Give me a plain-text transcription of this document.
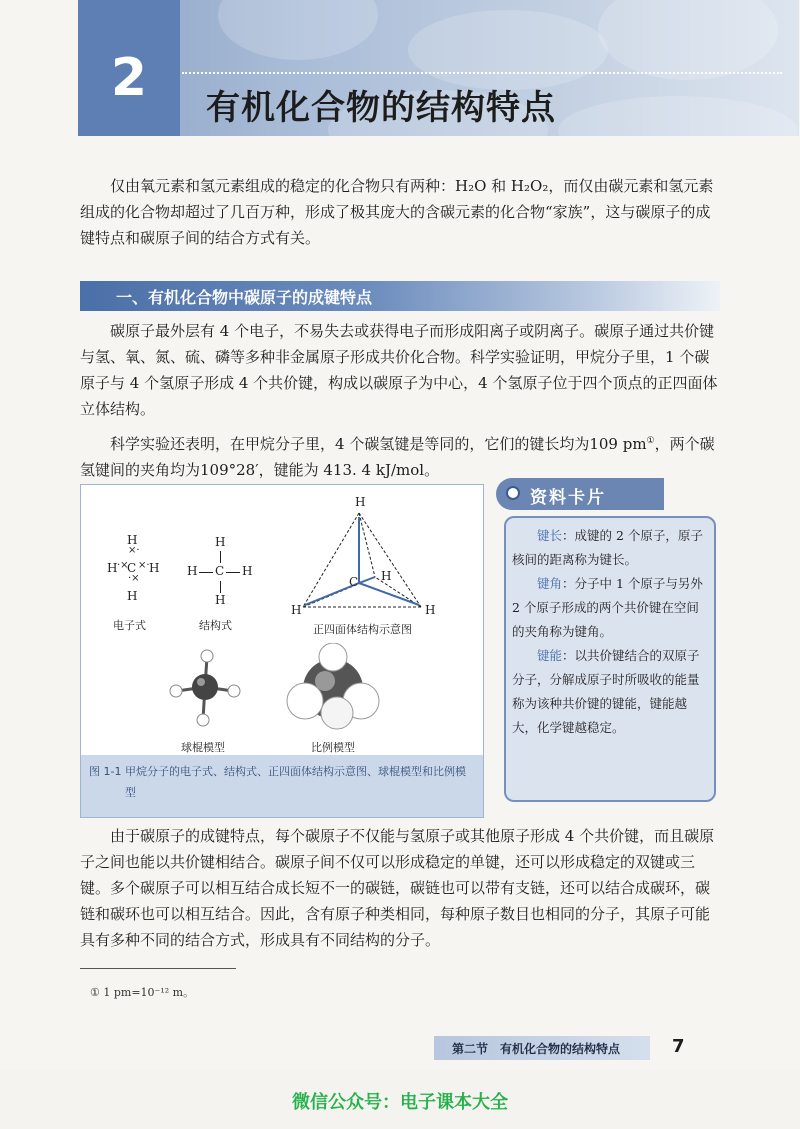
2	有机化合物的结构特点

仅由氧元素和氢元素组成的稳定的化合物只有两种：H₂O 和 H₂O₂，而仅由碳元素和氢元素组成的化合物却超过了几百万种，形成了极其庞大的含碳元素的化合物“家族”，这与碳原子的成键特点和碳原子间的结合方式有关。

一、有机化合物中碳原子的成键特点

碳原子最外层有 4 个电子，不易失去或获得电子而形成阳离子或阴离子。碳原子通过共价键与氢、氧、氮、硫、磷等多种非金属原子形成共价化合物。科学实验证明，甲烷分子里，1 个碳原子与 4 个氢原子形成 4 个共价键，构成以碳原子为中心，4 个氢原子位于四个顶点的正四面体立体结构。

科学实验还表明，在甲烷分子里，4 个碳氢键是等同的，它们的键长均为109 pm①，两个碳氢键间的夹角均为109°28′，键能为 413. 4 kJ/mol。

H
×·
H ·×
C ×· H
·×
H
电子式
H
H C H
H
结构式
H
C H
H	H
正四面体结构示意图
球棍模型	比例模型
图 1-1 甲烷分子的电子式、结构式、正四面体结构示意图、球棍模型和比例模型

键长：成键的 2 个原子，原子核间的距离称为键长。

键角：分子中 1 个原子与另外 2 个原子形成的两个共价键在空间的夹角称为键角。

键能：以共价键结合的双原子分子，分解成原子时所吸收的能量称为该种共价键的键能，键能越大，化学键越稳定。

资料卡片

由于碳原子的成键特点，每个碳原子不仅能与氢原子或其他原子形成 4 个共价键，而且碳原子之间也能以共价键相结合。碳原子间不仅可以形成稳定的单键，还可以形成稳定的双键或三键。多个碳原子可以相互结合成长短不一的碳链，碳链也可以带有支链，还可以结合成碳环，碳链和碳环也可以相互结合。因此，含有原子种类相同，每种原子数目也相同的分子，其原子可能具有多种不同的结合方式，形成具有不同结构的分子。

① 1 pm=10⁻¹² m。
第二节　有机化合物的结构特点	7
微信公众号：电子课本大全
